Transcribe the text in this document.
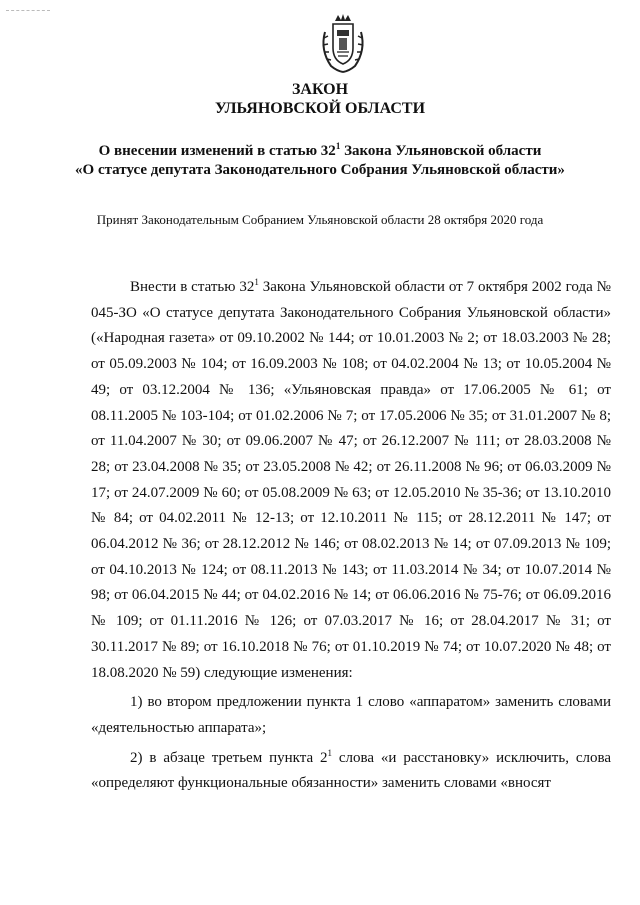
ЗАКОН
УЛЬЯНОВСКОЙ ОБЛАСТИ
О внесении изменений в статью $32^1$ Закона Ульяновской области
«О статусе депутата Законодательного Собрания Ульяновской области»
Принят Законодательным Собранием Ульяновской области 28 октября 2020 года

Внести в статью $32^1$ Закона Ульяновской области от 7 октября 2002 года № 045-ЗО «О статусе депутата Законодательного Собрания Ульяновской области» («Народная газета» от 09.10.2002 № 144; от 10.01.2003 № 2; от 18.03.2003 № 28; от 05.09.2003 № 104; от 16.09.2003 № 108; от 04.02.2004 № 13; от 10.05.2004 № 49; от 03.12.2004 № 136; «Ульяновская правда» от 17.06.2005 № 61; от 08.11.2005 № 103-104; от 01.02.2006 № 7; от 17.05.2006 № 35; от 31.01.2007 № 8; от 11.04.2007 № 30; от 09.06.2007 № 47; от 26.12.2007 № 111; от 28.03.2008 № 28; от 23.04.2008 № 35; от 23.05.2008 № 42; от 26.11.2008 № 96; от 06.03.2009 № 17; от 24.07.2009 № 60; от 05.08.2009 № 63; от 12.05.2010 № 35-36; от 13.10.2010 № 84; от 04.02.2011 № 12-13; от 12.10.2011 № 115; от 28.12.2011 № 147; от 06.04.2012 № 36; от 28.12.2012 № 146; от 08.02.2013 № 14; от 07.09.2013 № 109; от 04.10.2013 № 124; от 08.11.2013 № 143; от 11.03.2014 № 34; от 10.07.2014 № 98; от 06.04.2015 № 44; от 04.02.2016 № 14; от 06.06.2016 № 75-76; от 06.09.2016 № 109; от 01.11.2016 № 126; от 07.03.2017 № 16; от 28.04.2017 № 31; от 30.11.2017 № 89; от 16.10.2018 № 76; от 01.10.2019 № 74; от 10.07.2020 № 48; от 18.08.2020 № 59) следующие изменения:

1) во втором предложении пункта 1 слово «аппаратом» заменить словами «деятельностью аппарата»;

2) в абзаце третьем пункта $2^1$ слова «и расстановку» исключить, слова «определяют функциональные обязанности» заменить словами «вносят
